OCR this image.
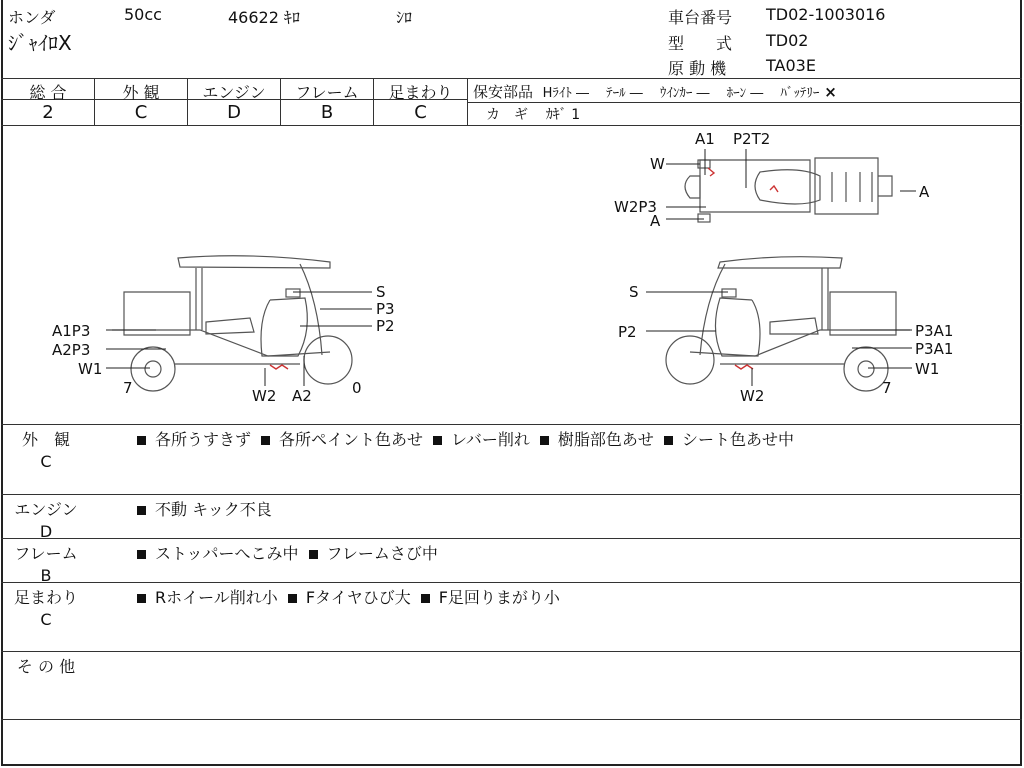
ホンダ	50cc	46622 ｷﾛ	ｼﾛ
ｼﾞｬｲﾛX
車台番号 TD02-1003016
型　　式 TD02
原 動 機 TA03E
総 合	外 観	エンジン	フレーム	足まわり
2	C	D	B	C
保安部品 Hﾗｲﾄ ―　 ﾃｰﾙ ―　 ｳｲﾝｶｰ ―　 ﾎｰﾝ ―　 ﾊﾞｯﾃﾘｰ ×
カ　ギ ｶｷﾞ 1
A1 P2T2
W
W2P3
A
A
S
P3
P2
A1P3
A2P3
W1
7	W2 A2	0
S
P2	P3A1
P3A1
W1
7
W2
外　観
C
各所うすきず 各所ペイント色あせ レバー削れ 樹脂部色あせ シート色あせ中
エンジン
D
不動 キック不良
フレーム
B
ストッパーへこみ中 フレームさび中
足まわり
C
Rホイール削れ小 Fタイヤひび大 F足回りまがり小
そ の 他
